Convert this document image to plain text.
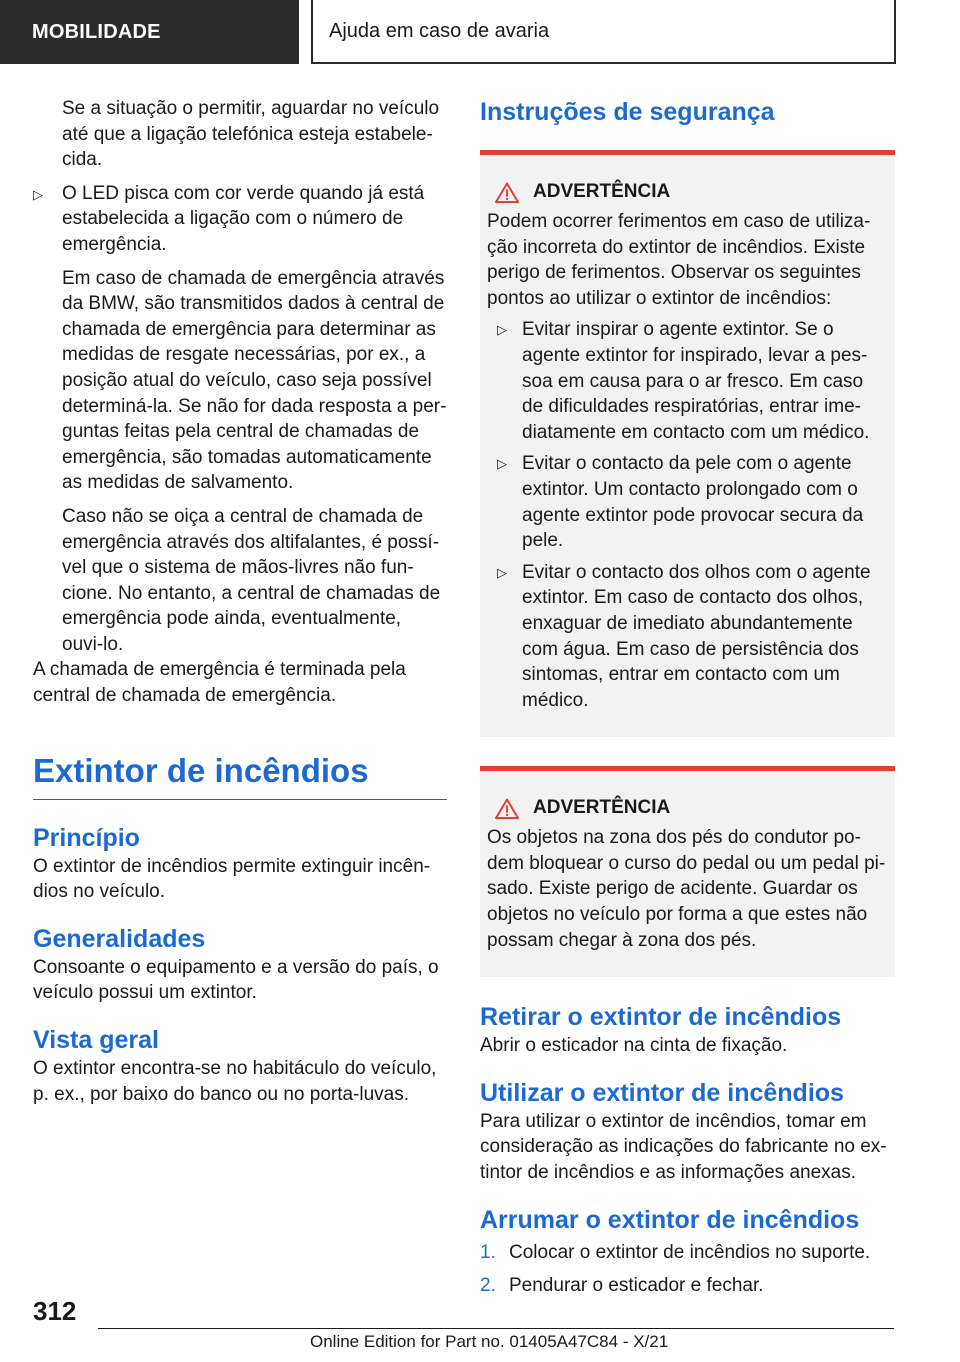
MOBILIDADE	Ajuda em caso de avaria

Se a situação o permitir, aguardar no veículo até que a ligação telefónica esteja estabelecida.

▷	O LED pisca com cor verde quando já está estabelecida a ligação com o número de emergência.

Em caso de chamada de emergência através da BMW, são transmitidos dados à central de chamada de emergência para determinar as medidas de resgate necessárias, por ex., a posição atual do veículo, caso seja possível determiná-la. Se não for dada resposta a perguntas feitas pela central de chamadas de emergência, são tomadas automaticamente as medidas de salvamento.

Caso não se oiça a central de chamada de emergência através dos altifalantes, é possível que o sistema de mãos-livres não funcione. No entanto, a central de chamadas de emergência pode ainda, eventualmente, ouvi-lo.

A chamada de emergência é terminada pela central de chamada de emergência.

Extintor de incêndios
Princípio

O extintor de incêndios permite extinguir incêndios no veículo.

Generalidades

Consoante o equipamento e a versão do país, o veículo possui um extintor.

Vista geral

O extintor encontra-se no habitáculo do veículo, p. ex., por baixo do banco ou no porta-luvas.

Instruções de segurança
ADVERTÊNCIA

Podem ocorrer ferimentos em caso de utilização incorreta do extintor de incêndios. Existe perigo de ferimentos. Observar os seguintes pontos ao utilizar o extintor de incêndios:

▷ Evitar inspirar o agente extintor. Se o agente extintor for inspirado, levar a pessoa em causa para o ar fresco. Em caso de dificuldades respiratórias, entrar imediatamente em contacto com um médico.

▷ Evitar o contacto da pele com o agente extintor. Um contacto prolongado com o agente extintor pode provocar secura da pele.

▷ Evitar o contacto dos olhos com o agente extintor. Em caso de contacto dos olhos, enxaguar de imediato abundantemente com água. Em caso de persistência dos sintomas, entrar em contacto com um médico.

ADVERTÊNCIA

Os objetos na zona dos pés do condutor podem bloquear o curso do pedal ou um pedal pisado. Existe perigo de acidente. Guardar os objetos no veículo por forma a que estes não possam chegar à zona dos pés.

Retirar o extintor de incêndios

Abrir o esticador na cinta de fixação.

Utilizar o extintor de incêndios

Para utilizar o extintor de incêndios, tomar em consideração as indicações do fabricante no extintor de incêndios e as informações anexas.

Arrumar o extintor de incêndios
1. Colocar o extintor de incêndios no suporte.

2. Pendurar o esticador e fechar.

312
Online Edition for Part no. 01405A47C84 - X/21
